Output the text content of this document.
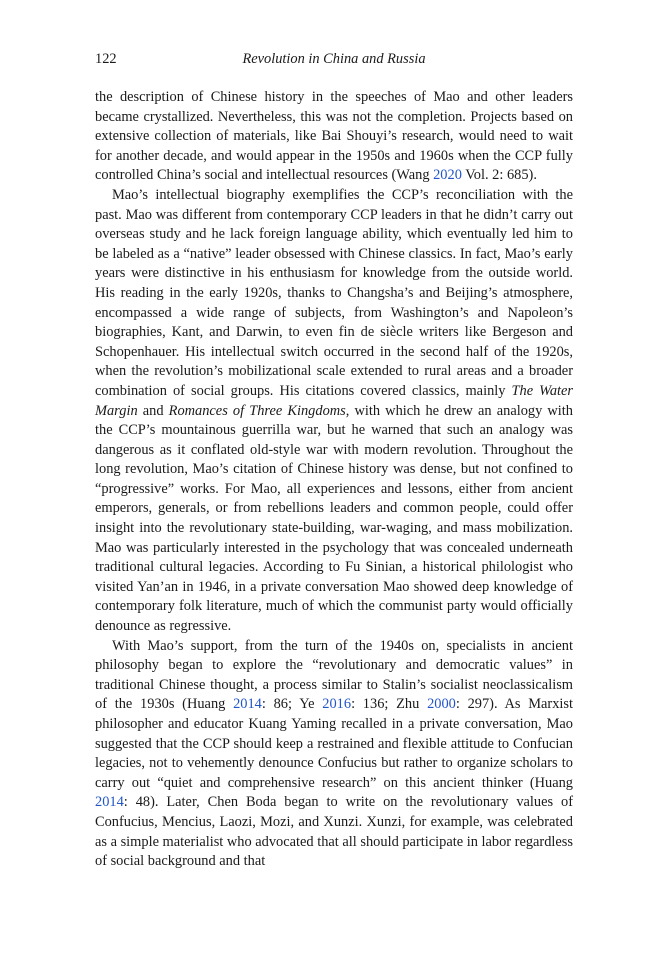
122	Revolution in China and Russia

the description of Chinese history in the speeches of Mao and other leaders became crystallized. Nevertheless, this was not the completion. Projects based on extensive collection of materials, like Bai Shouyi’s research, would need to wait for another decade, and would appear in the 1950s and 1960s when the CCP fully controlled China’s social and intellectual resources (Wang 2020 Vol. 2: 685).

Mao’s intellectual biography exemplifies the CCP’s reconciliation with the past. Mao was different from contemporary CCP leaders in that he didn’t carry out overseas study and he lack foreign language ability, which eventually led him to be labeled as a “native” leader obsessed with Chinese classics. In fact, Mao’s early years were distinctive in his enthusiasm for knowledge from the outside world. His reading in the early 1920s, thanks to Changsha’s and Beijing’s atmosphere, encompassed a wide range of subjects, from Washington’s and Napoleon’s biographies, Kant, and Darwin, to even fin de siècle writers like Bergeson and Schopenhauer. His intellectual switch occurred in the second half of the 1920s, when the revolution’s mobilizational scale extended to rural areas and a broader combination of social groups. His citations covered classics, mainly The Water Margin and Romances of Three Kingdoms, with which he drew an analogy with the CCP’s mountainous guerrilla war, but he warned that such an analogy was dangerous as it conflated old-style war with modern revolution. Throughout the long revolution, Mao’s citation of Chinese history was dense, but not confined to “progressive” works. For Mao, all experiences and lessons, either from ancient emperors, generals, or from rebellions leaders and common people, could offer insight into the revolutionary state-building, war-waging, and mass mobilization. Mao was particularly interested in the psychology that was concealed underneath traditional cultural legacies. According to Fu Sinian, a historical philologist who visited Yan’an in 1946, in a private conversation Mao showed deep knowledge of contemporary folk literature, much of which the communist party would officially denounce as regressive.

With Mao’s support, from the turn of the 1940s on, specialists in ancient philosophy began to explore the “revolutionary and democratic values” in traditional Chinese thought, a process similar to Stalin’s socialist neoclassicalism of the 1930s (Huang 2014: 86; Ye 2016: 136; Zhu 2000: 297). As Marxist philosopher and educator Kuang Yaming recalled in a private conversation, Mao suggested that the CCP should keep a restrained and flexible attitude to Confucian legacies, not to vehemently denounce Confucius but rather to organize scholars to carry out “quiet and comprehensive research” on this ancient thinker (Huang 2014: 48). Later, Chen Boda began to write on the revolutionary values of Confucius, Mencius, Laozi, Mozi, and Xunzi. Xunzi, for example, was celebrated as a simple materialist who advocated that all should participate in labor regardless of social background and that
